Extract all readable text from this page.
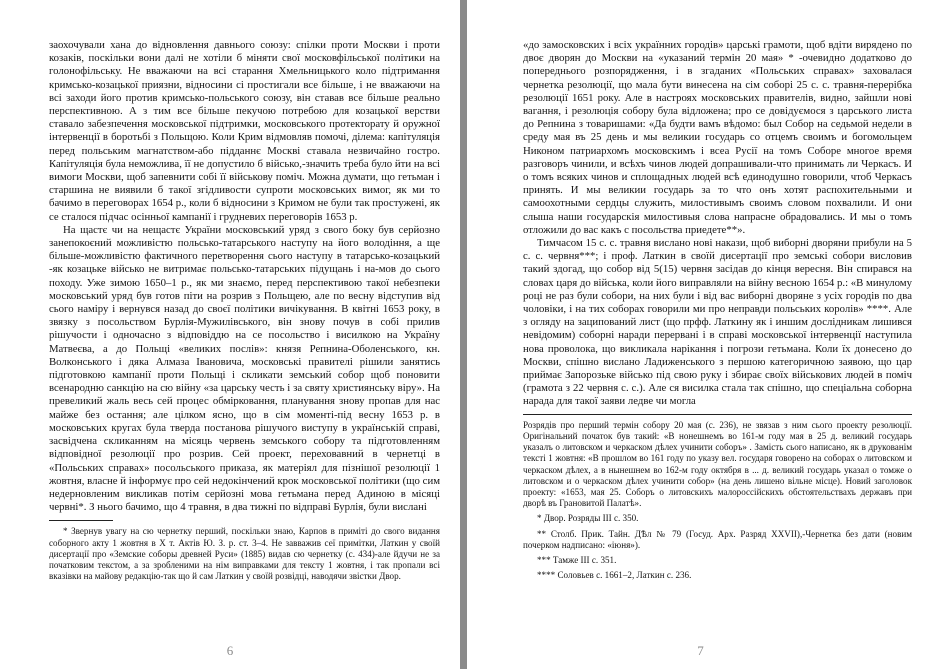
заохочували хана до відновлення давнього союзу: спілки проти Москви і проти козаків, поскільки вони далі не хотіли б міняти свої московфільської політики на голонофільську. Не вважаючи на всі старання Хмельницького коло підтримання кримсько-козацької приязни, відносини сі простигали все більше, і не вважаючи на всі заходи його против кримсько-польського союзу, він ставав все більше реально перспективною. А з тим все більше пекучою потребою для козацької верстви ставало забезпечення московської підтримки, московського протекторату й оружної інтервенції в боротьбі з Польщою. Коли Крим відмовляв помочі, ділема: капітуляція перед польським магнатством-або підданнє Москві ставала незвичайно гостро. Капітуляція була неможлива, її не допустило б військо,-значить треба було йти на всі вимоги Москви, щоб запевнити собі її військову поміч. Можна думати, що гетьман і старшина не виявили б такої згідливости супроти московських вимог, як ми то бачимо в переговорах 1654 р., коли б відносини з Кримом не були так простужені, як се сталося підчас осінньої кампанії і грудневих переговорів 1653 р.

На щастє чи на нещастє України московський уряд з свого боку був серйозно занепокоєний можливістю польсько-татарського наступу на його володіння, а ще більше-можливістю фактичного перетворення сього наступу в татарсько-козацький -як козацьке військо не витримає польсько-татарських підущань і на-мов до сього походу. Уже зимою 1650–1 р., як ми знаємо, перед перспективою такої небезпеки московський уряд був готов піти на розрив з Польщею, але по весну відступив від сього наміру і вернувся назад до своєї політики вичікування. В квітні 1653 року, в звязку з посольством Бурлія-Мужилівського, він знову почув в собі прилив рішучости і одночасно з відповіддю на се посольство і висилкою на Україну Матвеєва, а до Польщі «великих послів»: князя Репнина-Оболенського, кн. Волконського і дяка Алмаза Івановича, московські правителі рішили занятись підготовкою кампанії проти Польщі і скликати земський собор щоб поновити всенародню санкцію на сю війну «за царську честь і за святу християнську віру». На превеликий жаль весь сей процес обмірковання, планування знову пропав для нас майже без остання; але цілком ясно, що в сім моменті-під весну 1653 р. в московських кругах була тверда постанова рішучого виступу в українській справі, засвідчена скликанням на місяць червень земського собору та підготовленням відповідної резолюції про розрив. Сей проект, переховавний в чернетці в «Польських справах» посольського приказа, як матеріял для пізнішої резолюції 1 жовтня, власне й інформує про сей недокінчений крок московської політики (що сим недерновленим викликав потім серйозні мова гетьмана перед Адиною в місяці червні*. З нього бачимо, що 4 травня, в два тижні по відправі Бурлія, були вислані

* Звернув увагу на сю чернетку перший, поскільки знаю, Карпов в приміті до свого видання соборного акту 1 жовтня в Х т. Актів Ю. З. р. ст. 3–4. Не завважив сеї примітки, Латкин у своїй дисертації про «Земские соборы древней Руси» (1885) видав сю чернетку (с. 434)-але йдучи не за початковим текстом, а за зробленими на нім виправками для тексту 1 жовтня, і так пропали всі вказівки на майову редакцію-так що й сам Латкин у своїй розвідці, наводячи звістки Двор.

6

«до замосковских і всіх українних городів» царські грамоти, щоб вдіти вирядено по двоє дворян до Москви на «указаний термін 20 мая» * -очевидно додатково до попереднього розпорядження, і в згаданих «Польських справах» заховалася чернетка резолюції, що мала бути винесена на сім соборі 25 с. с. травня-перерібка резолюції 1651 року. Але в настроях московських правителів, видно, зайшли нові вагання, і резолюція собору була відложена; про се довідуємося з царського листа до Репнина з товаришами: «Да будти вамъ вѣдомо: был Собор на седьмой недели в среду мая въ 25 день и мы великии государь со отцемъ своимъ и богомольцем Никоном патриархомъ московскимъ і всеа Русії на томъ Соборе многое время разговоръ чинили, и всѣхъ чинов людей допрашивали-что принимать ли Черкасъ. И о томъ всяких чинов и сплощадных людей всѣ единодушно говорили, чтоб Черкасъ принять. И мы великии государь за то что онъ хотят распохительными и самоохотными сердцы служить, милостивымъ своимъ словом похвалили. И они слыша наши государскія милостивыя слова напрасне обрадовались. И мы о томъ отложили до вас какъ с посольства приедете**».

Тимчасом 15 с. с. травня вислано нові накази, щоб виборні дворяни прибули на 5 с. с. червня***; і проф. Латкин в своїй дисертації про земські собори висловив такий здогад, що собор від 5(15) червня засідав до кінця вересня. Він спирався на словах царя до війська, коли його виправляли на війну весною 1654 р.: «В минулому році не раз були собори, на них були і від вас виборні дворяне з усіх городів по два чоловіки, і на тих соборах говорили ми про неправди польських королів» ****. Але з огляду на заципований лист (що прфф. Латкину як і иншим дослідникам лишився невідомим) соборні наради перервані і в справі московської інтервенції наступила нова проволока, що викликала нарікання і погрози гетьмана. Коли їх донесено до Москви, спішно вислано Ладиженського з першою категоричною заявою, що цар приймає Запорозьке військо під свою руку і збирає своїх військових людей в поміч (грамота з 22 червня с. с.). Але ся висилка стала так спішно, що спеціальна соборна нарада для такої заяви ледве чи могла

Розрядів про перший термін собору 20 мая (с. 236), не звязав з ним сього проекту резолюції. Оригінальний початок був такий: «В нонешнемъ во 161-м году мая в 25 д. великий государь указалъ о литовском и черкаском дѣлех учинити соборъ» . Замість сього написано, як в друкованім тексті 1 жовтня: «В прошлом во 161 году по указу вел. государя говорено на соборах о литовском и черкаском дѣлех, а в нынешнем во 162-м году октября в ... д. великий государь указал о томже о литовском и о черкаском дѣлех учинити собор» (на день лишено вільне місце). Новий заголовок проекту: «1653, мая 25. Соборъ о литовскихъ малороссійскихъ обстоятельствахъ державъ при дворѣ въ Грановитой Палатѣ».

* Двор. Розряды III с. 350.

** Столб. Прик. Тайн. ДѢл № 79 (Госуд. Арх. Разряд XXVII),-Чернетка без дати (новим почерком надписано: «іюня»).

*** Тамже III с. 351.

**** Соловьев с. 1661–2, Латкин с. 236.

7
